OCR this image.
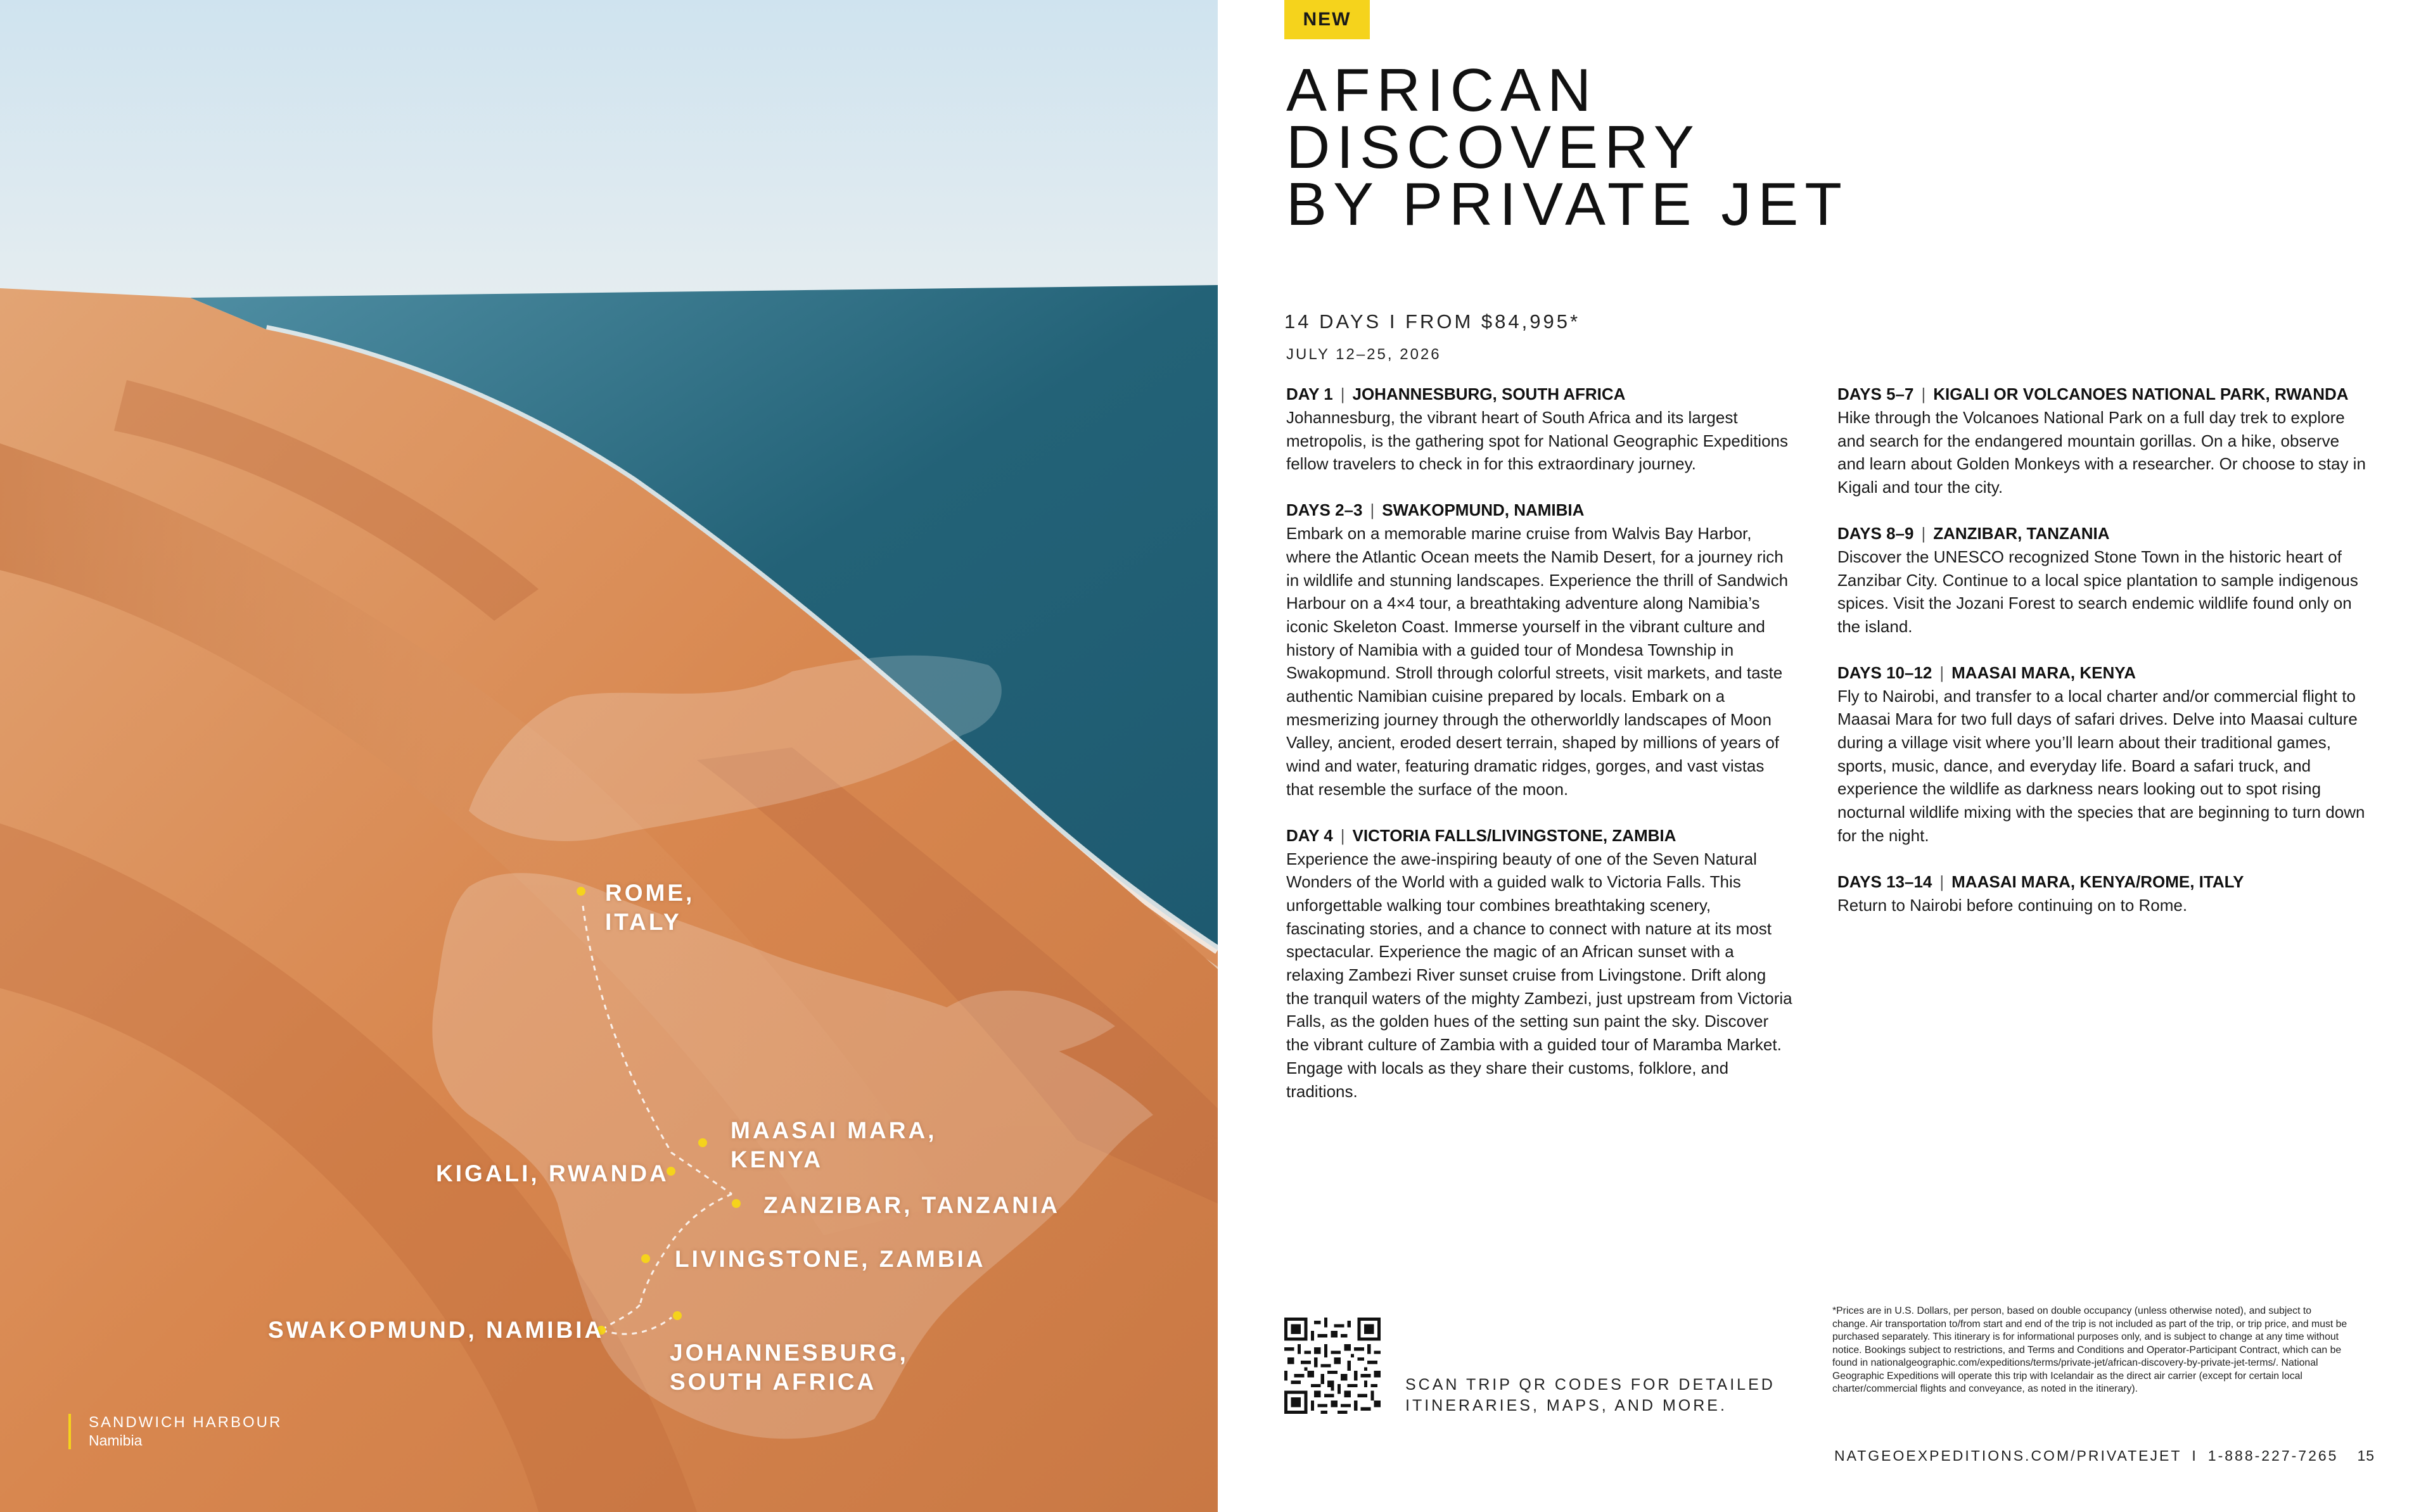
ROME,
ITALY
MAASAI MARA,
KENYA
KIGALI, RWANDA
ZANZIBAR, TANZANIA
LIVINGSTONE, ZAMBIA
SWAKOPMUND, NAMIBIA
JOHANNESBURG,
SOUTH AFRICA
SANDWICH HARBOUR
Namibia
NEW
AFRICAN
DISCOVERY
BY PRIVATE JET
14 DAYS I FROM $84,995*
JULY 12–25, 2026
DAY 1 | JOHANNESBURG, SOUTH AFRICA
Johannesburg, the vibrant heart of South Africa and its largest metropolis, is the gathering spot for National Geographic Expeditions fellow travelers to check in for this extraordinary journey.
DAYS 2–3 | SWAKOPMUND, NAMIBIA
Embark on a memorable marine cruise from Walvis Bay Harbor, where the Atlantic Ocean meets the Namib Desert, for a journey rich in wildlife and stunning landscapes. Experience the thrill of Sandwich Harbour on a 4×4 tour, a breathtaking adventure along Namibia’s iconic Skeleton Coast. Immerse yourself in the vibrant culture and history of Namibia with a guided tour of Mondesa Township in Swakopmund. Stroll through colorful streets, visit markets, and taste authentic Namibian cuisine prepared by locals. Embark on a mesmerizing journey through the otherworldly landscapes of Moon Valley, ancient, eroded desert terrain, shaped by millions of years of wind and water, featuring dramatic ridges, gorges, and vast vistas that resemble the surface of the moon.
DAY 4 | VICTORIA FALLS/LIVINGSTONE, ZAMBIA
Experience the awe-inspiring beauty of one of the Seven Natural Wonders of the World with a guided walk to Victoria Falls. This unforgettable walking tour combines breathtaking scenery, fascinating stories, and a chance to connect with nature at its most spectacular. Experience the magic of an African sunset with a relaxing Zambezi River sunset cruise from Livingstone. Drift along the tranquil waters of the mighty Zambezi, just upstream from Victoria Falls, as the golden hues of the setting sun paint the sky. Discover the vibrant culture of Zambia with a guided tour of Maramba Market. Engage with locals as they share their customs, folklore, and traditions.
DAYS 5–7 | KIGALI OR VOLCANOES NATIONAL PARK, RWANDA
Hike through the Volcanoes National Park on a full day trek to explore and search for the endangered mountain gorillas. On a hike, observe and learn about Golden Monkeys with a researcher. Or choose to stay in Kigali and tour the city.
DAYS 8–9 | ZANZIBAR, TANZANIA
Discover the UNESCO recognized Stone Town in the historic heart of Zanzibar City. Continue to a local spice plantation to sample indigenous spices. Visit the Jozani Forest to search endemic wildlife found only on the island.
DAYS 10–12 | MAASAI MARA, KENYA
Fly to Nairobi, and transfer to a local charter and/or commercial flight to Maasai Mara for two full days of safari drives. Delve into Maasai culture during a village visit where you’ll learn about their traditional games, sports, music, dance, and everyday life. Board a safari truck, and experience the wildlife as darkness nears looking out to spot rising nocturnal wildlife mixing with the species that are beginning to turn down for the night.
DAYS 13–14 | MAASAI MARA, KENYA/ROME, ITALY
Return to Nairobi before continuing on to Rome.
SCAN TRIP QR CODES FOR DETAILED
ITINERARIES, MAPS, AND MORE.
*Prices are in U.S. Dollars, per person, based on double occupancy (unless otherwise noted), and subject to change. Air transportation to/from start and end of the trip is not included as part of the trip, or trip price, and must be purchased separately. This itinerary is for informational purposes only, and is subject to change at any time without notice. Bookings subject to restrictions, and Terms and Conditions and Operator-Participant Contract, which can be found in nationalgeographic.com/expeditions/terms/private-jet/african-discovery-by-private-jet-terms/. National Geographic Expeditions will operate this trip with Icelandair as the direct air carrier (except for certain local charter/commercial flights and conveyance, as noted in the itinerary).
NATGEOEXPEDITIONS.COM/PRIVATEJET I 1-888-227-7265 15
